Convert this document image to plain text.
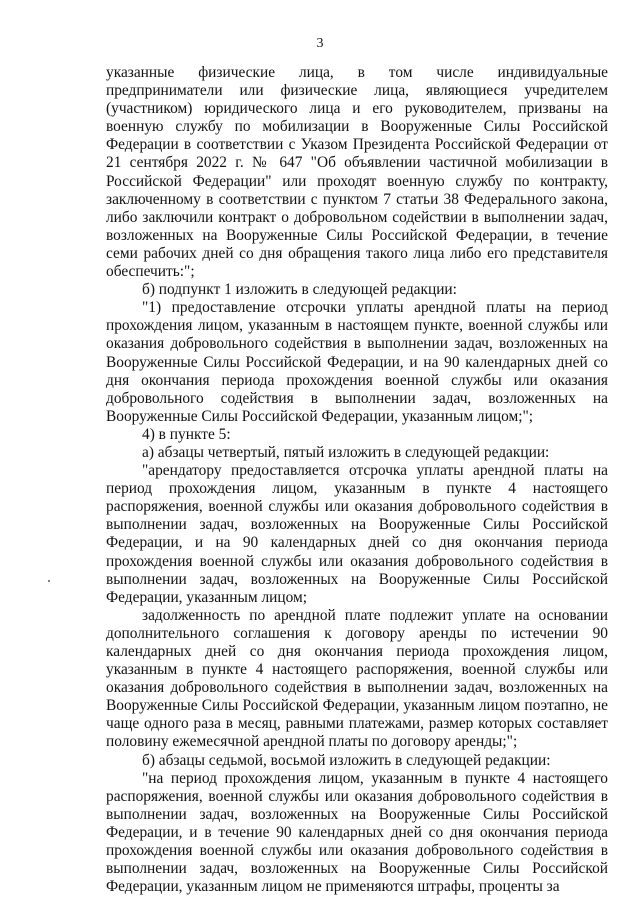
3

указанные физические лица, в том числе индивидуальные предприниматели или физические лица, являющиеся учредителем (участником) юридического лица и его руководителем, призваны на военную службу по мобилизации в Вооруженные Силы Российской Федерации в соответствии с Указом Президента Российской Федерации от 21 сентября 2022 г. № 647 "Об объявлении частичной мобилизации в Российской Федерации" или проходят военную службу по контракту, заключенному в соответствии с пунктом 7 статьи 38 Федерального закона, либо заключили контракт о добровольном содействии в выполнении задач, возложенных на Вооруженные Силы Российской Федерации, в течение семи рабочих дней со дня обращения такого лица либо его представителя обеспечить:";

б) подпункт 1 изложить в следующей редакции:

"1) предоставление отсрочки уплаты арендной платы на период прохождения лицом, указанным в настоящем пункте, военной службы или оказания добровольного содействия в выполнении задач, возложенных на Вооруженные Силы Российской Федерации, и на 90 календарных дней со дня окончания периода прохождения военной службы или оказания добровольного содействия в выполнении задач, возложенных на Вооруженные Силы Российской Федерации, указанным лицом;";

4) в пункте 5:

а) абзацы четвертый, пятый изложить в следующей редакции:

"арендатору предоставляется отсрочка уплаты арендной платы на период прохождения лицом, указанным в пункте 4 настоящего распоряжения, военной службы или оказания добровольного содействия в выполнении задач, возложенных на Вооруженные Силы Российской Федерации, и на 90 календарных дней со дня окончания периода прохождения военной службы или оказания добровольного содействия в выполнении задач, возложенных на Вооруженные Силы Российской Федерации, указанным лицом;

задолженность по арендной плате подлежит уплате на основании дополнительного соглашения к договору аренды по истечении 90 календарных дней со дня окончания периода прохождения лицом, указанным в пункте 4 настоящего распоряжения, военной службы или оказания добровольного содействия в выполнении задач, возложенных на Вооруженные Силы Российской Федерации, указанным лицом поэтапно, не чаще одного раза в месяц, равными платежами, размер которых составляет половину ежемесячной арендной платы по договору аренды;";

б) абзацы седьмой, восьмой изложить в следующей редакции:

"на период прохождения лицом, указанным в пункте 4 настоящего распоряжения, военной службы или оказания добровольного содействия в выполнении задач, возложенных на Вооруженные Силы Российской Федерации, и в течение 90 календарных дней со дня окончания периода прохождения военной службы или оказания добровольного содействия в выполнении задач, возложенных на Вооруженные Силы Российской Федерации, указанным лицом не применяются штрафы, проценты за
